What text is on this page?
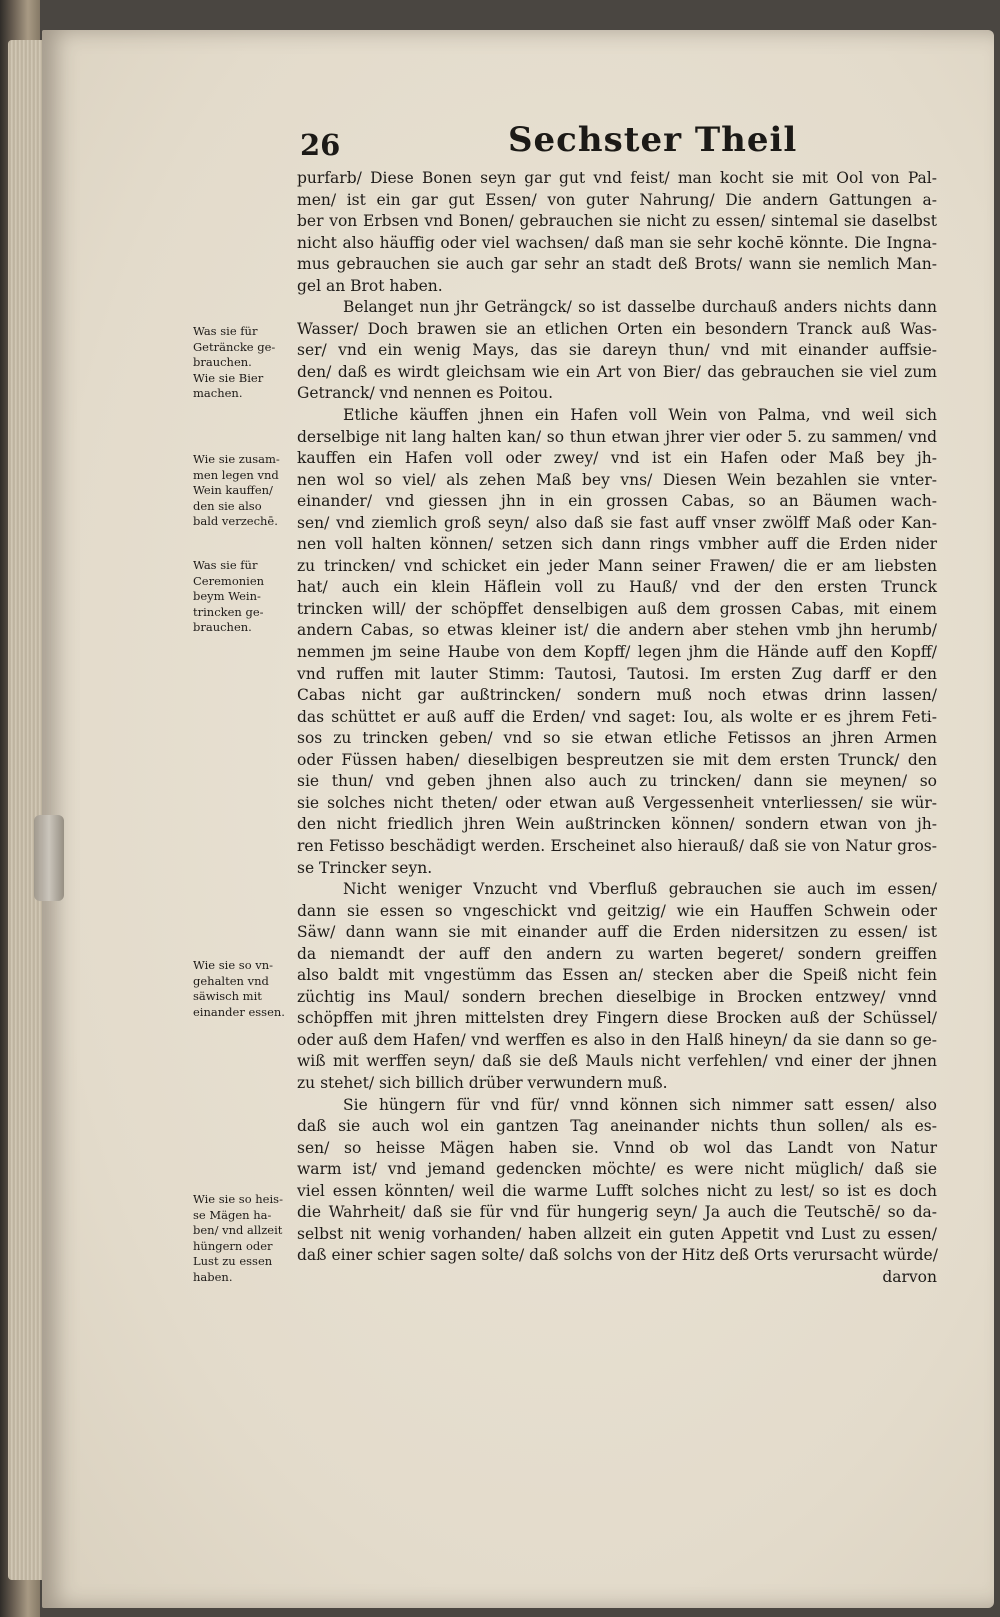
26	Sechster Theil
purfarb/ Diese Bonen seyn gar gut vnd feist/ man kocht sie mit Ool von Pal-
men/ ist ein gar gut Essen/ von guter Nahrung/ Die andern Gattungen a-
ber von Erbsen vnd Bonen/ gebrauchen sie nicht zu essen/ sintemal sie daselbst
nicht also häuffig oder viel wachsen/ daß man sie sehr kochē könnte. Die Ingna-
mus gebrauchen sie auch gar sehr an stadt deß Brots/ wann sie nemlich Man-
gel an Brot haben.
Belanget nun jhr Geträngck/ so ist dasselbe durchauß anders nichts dann
Wasser/ Doch brawen sie an etlichen Orten ein besondern Tranck auß Was-
ser/ vnd ein wenig Mays, das sie dareyn thun/ vnd mit einander auffsie-
den/ daß es wirdt gleichsam wie ein Art von Bier/ das gebrauchen sie viel zum
Getranck/ vnd nennen es Poitou.
Etliche käuffen jhnen ein Hafen voll Wein von Palma, vnd weil sich
derselbige nit lang halten kan/ so thun etwan jhrer vier oder 5. zu sammen/ vnd
kauffen ein Hafen voll oder zwey/ vnd ist ein Hafen oder Maß bey jh-
nen wol so viel/ als zehen Maß bey vns/ Diesen Wein bezahlen sie vnter-
einander/ vnd giessen jhn in ein grossen Cabas, so an Bäumen wach-
sen/ vnd ziemlich groß seyn/ also daß sie fast auff vnser zwölff Maß oder Kan-
nen voll halten können/ setzen sich dann rings vmbher auff die Erden nider
zu trincken/ vnd schicket ein jeder Mann seiner Frawen/ die er am liebsten
hat/ auch ein klein Häflein voll zu Hauß/ vnd der den ersten Trunck
trincken will/ der schöpffet denselbigen auß dem grossen Cabas, mit einem
andern Cabas, so etwas kleiner ist/ die andern aber stehen vmb jhn herumb/
nemmen jm seine Haube von dem Kopff/ legen jhm die Hände auff den Kopff/
vnd ruffen mit lauter Stimm: Tautosi, Tautosi. Im ersten Zug darff er den
Cabas nicht gar außtrincken/ sondern muß noch etwas drinn lassen/
das schüttet er auß auff die Erden/ vnd saget: Iou, als wolte er es jhrem Feti-
sos zu trincken geben/ vnd so sie etwan etliche Fetissos an jhren Armen
oder Füssen haben/ dieselbigen bespreutzen sie mit dem ersten Trunck/ den
sie thun/ vnd geben jhnen also auch zu trincken/ dann sie meynen/ so
sie solches nicht theten/ oder etwan auß Vergessenheit vnterliessen/ sie wür-
den nicht friedlich jhren Wein außtrincken können/ sondern etwan von jh-
ren Fetisso beschädigt werden. Erscheinet also hierauß/ daß sie von Natur gros-
se Trincker seyn.
Nicht weniger Vnzucht vnd Vberfluß gebrauchen sie auch im essen/
dann sie essen so vngeschickt vnd geitzig/ wie ein Hauffen Schwein oder
Säw/ dann wann sie mit einander auff die Erden nidersitzen zu essen/ ist
da niemandt der auff den andern zu warten begeret/ sondern greiffen
also baldt mit vngestümm das Essen an/ stecken aber die Speiß nicht fein
züchtig ins Maul/ sondern brechen dieselbige in Brocken entzwey/ vnnd
schöpffen mit jhren mittelsten drey Fingern diese Brocken auß der Schüssel/
oder auß dem Hafen/ vnd werffen es also in den Halß hineyn/ da sie dann so ge-
wiß mit werffen seyn/ daß sie deß Mauls nicht verfehlen/ vnd einer der jhnen
zu stehet/ sich billich drüber verwundern muß.
Sie hüngern für vnd für/ vnnd können sich nimmer satt essen/ also
daß sie auch wol ein gantzen Tag aneinander nichts thun sollen/ als es-
sen/ so heisse Mägen haben sie. Vnnd ob wol das Landt von Natur
warm ist/ vnd jemand gedencken möchte/ es were nicht müglich/ daß sie
viel essen könnten/ weil die warme Lufft solches nicht zu lest/ so ist es doch
die Wahrheit/ daß sie für vnd für hungerig seyn/ Ja auch die Teutschē/ so da-
selbst nit wenig vorhanden/ haben allzeit ein guten Appetit vnd Lust zu essen/
daß einer schier sagen solte/ daß solchs von der Hitz deß Orts verursacht würde/
darvon
Was sie für
Geträncke ge-
brauchen.
Wie sie Bier
machen.
Wie sie zusam-
men legen vnd
Wein kauffen/
den sie also
bald verzechē.
Was sie für
Ceremonien
beym Wein-
trincken ge-
brauchen.
Wie sie so vn-
gehalten vnd
säwisch mit
einander essen.
Wie sie so heis-
se Mägen ha-
ben/ vnd allzeit
hüngern oder
Lust zu essen
haben.
